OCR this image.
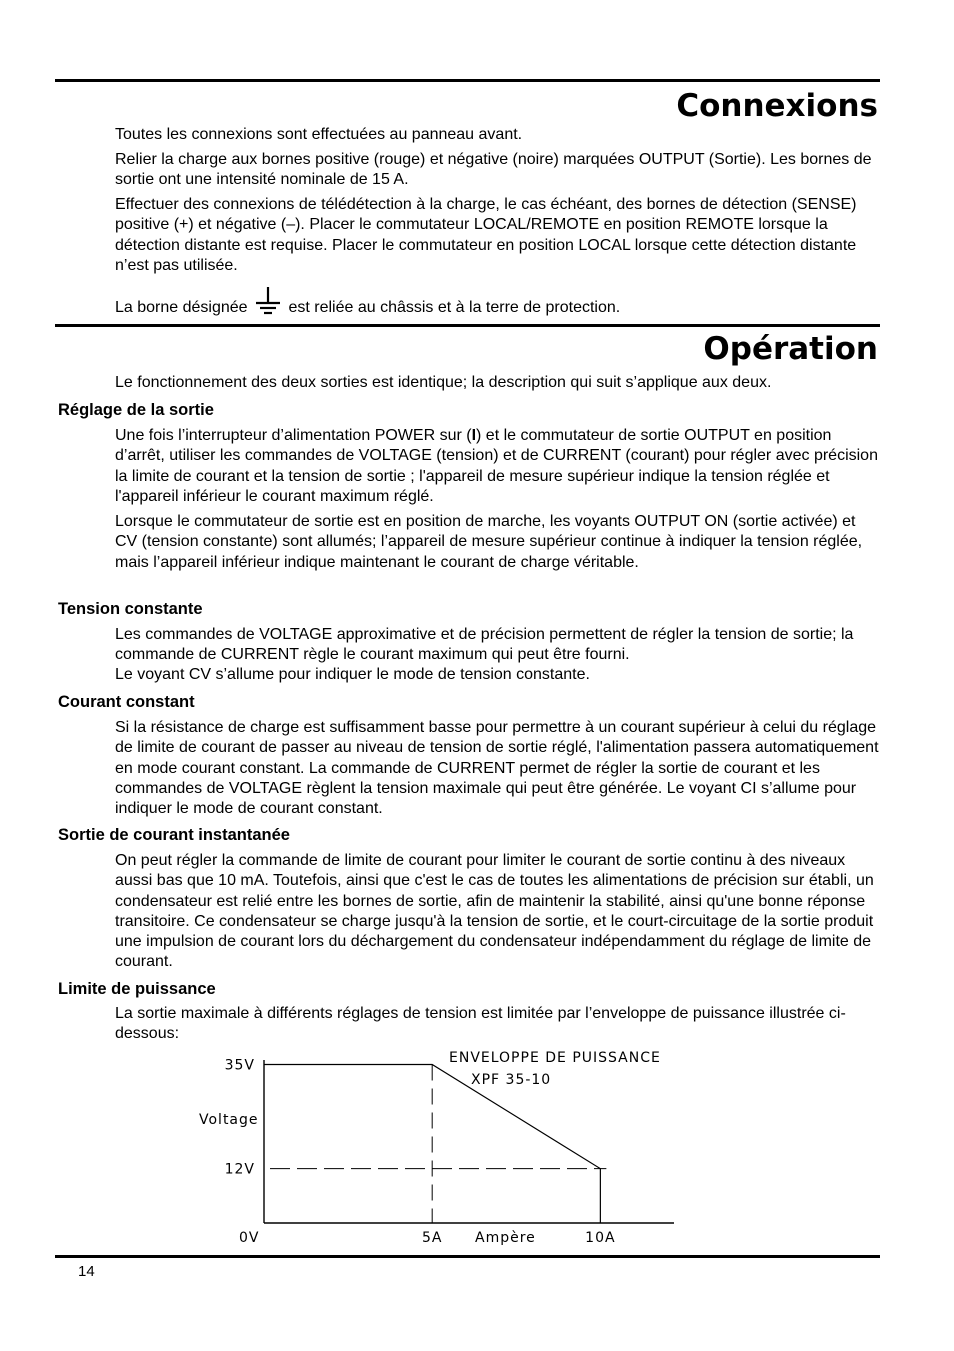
Connexions

Toutes les connexions sont effectuées au panneau avant.

Relier la charge aux bornes positive (rouge) et négative (noire) marquées OUTPUT (Sortie). Les bornes de sortie ont une intensité nominale de 15 A.

Effectuer des connexions de télédétection à la charge, le cas échéant, des bornes de détection (SENSE) positive (+) et négative (–). Placer le commutateur LOCAL/REMOTE en position REMOTE lorsque la détection distante est requise. Placer le commutateur en position LOCAL lorsque cette détection distante n’est pas utilisée.

La borne désignée	est reliée au châssis et à la terre de protection.

Opération

Le fonctionnement des deux sorties est identique; la description qui suit s’applique aux deux.

Réglage de la sortie

Une fois l’interrupteur d’alimentation POWER sur (I) et le commutateur de sortie OUTPUT en position d’arrêt, utiliser les commandes de VOLTAGE (tension) et de CURRENT (courant) pour régler avec précision la limite de courant et la tension de sortie ; l'appareil de mesure supérieur indique la tension réglée et l'appareil inférieur le courant maximum réglé.

Lorsque le commutateur de sortie est en position de marche, les voyants OUTPUT ON (sortie activée) et CV (tension constante) sont allumés; l’appareil de mesure supérieur continue à indiquer la tension réglée, mais l’appareil inférieur indique maintenant le courant de charge véritable.

Tension constante

Les commandes de VOLTAGE approximative et de précision permettent de régler la tension de sortie; la commande de CURRENT règle le courant maximum qui peut être fourni.

Le voyant CV s’allume pour indiquer le mode de tension constante.

Courant constant

Si la résistance de charge est suffisamment basse pour permettre à un courant supérieur à celui du réglage de limite de courant de passer au niveau de tension de sortie réglé, l'alimentation passera automatiquement en mode courant constant. La commande de CURRENT permet de régler la sortie de courant et les commandes de VOLTAGE règlent la tension maximale qui peut être générée. Le voyant CI s’allume pour indiquer le mode de courant constant.

Sortie de courant instantanée

On peut régler la commande de limite de courant pour limiter le courant de sortie continu à des niveaux aussi bas que 10 mA. Toutefois, ainsi que c'est le cas de toutes les alimentations de précision sur établi, un condensateur est relié entre les bornes de sortie, afin de maintenir la stabilité, ainsi qu'une bonne réponse transitoire. Ce condensateur se charge jusqu'à la tension de sortie, et le court-circuitage de la sortie produit une impulsion de courant lors du déchargement du condensateur indépendamment du réglage de limite de courant.

Limite de puissance

La sortie maximale à différents réglages de tension est limitée par l’enveloppe de puissance illustrée ci-dessous:

ENVELOPPE DE PUISSANCE
XPF 35-10
Voltage
Ampère
0V
35V
12V
5A	10A
14
